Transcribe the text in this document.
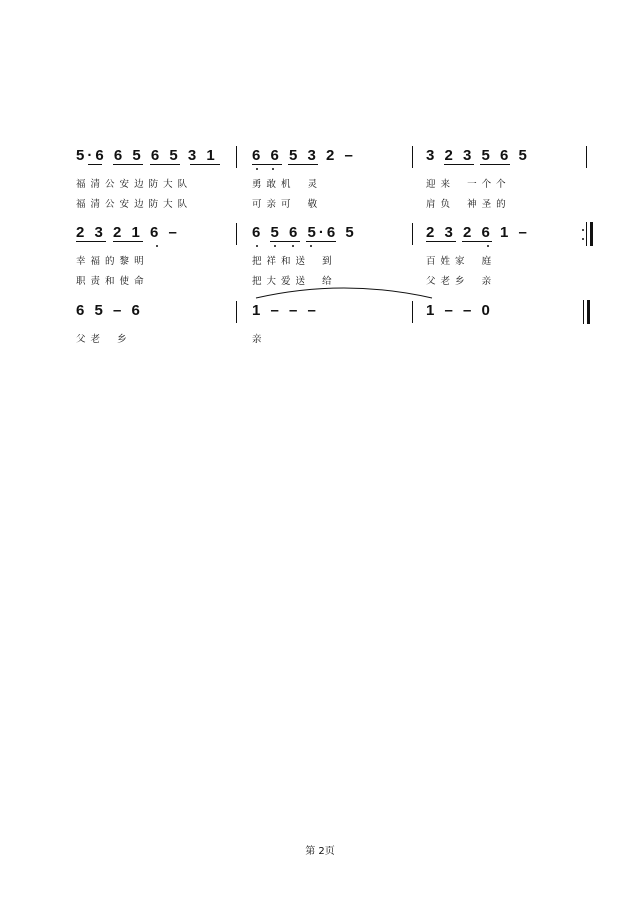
5·6 6 5 6 5 3 1 6 6 5 3 2 –	3 2 3 5 6 5
福 清 公 安 边 防 大 队	勇 敢 机    灵	迎 来    一 个 个
福 清 公 安 边 防 大 队	可 亲 可    敬	肩 负    神 圣 的
2 3 2 1 6 –	6 5 6 5·6 5	2 3 2 6 1 –
幸 福 的 黎 明	把 祥 和 送    到	百 姓 家    庭
职 责 和 使 命	把 大 爱 送    给	父 老 乡    亲
6 5 – 6	1 – – –	1 – – 0
父 老    乡	亲
第 2页
